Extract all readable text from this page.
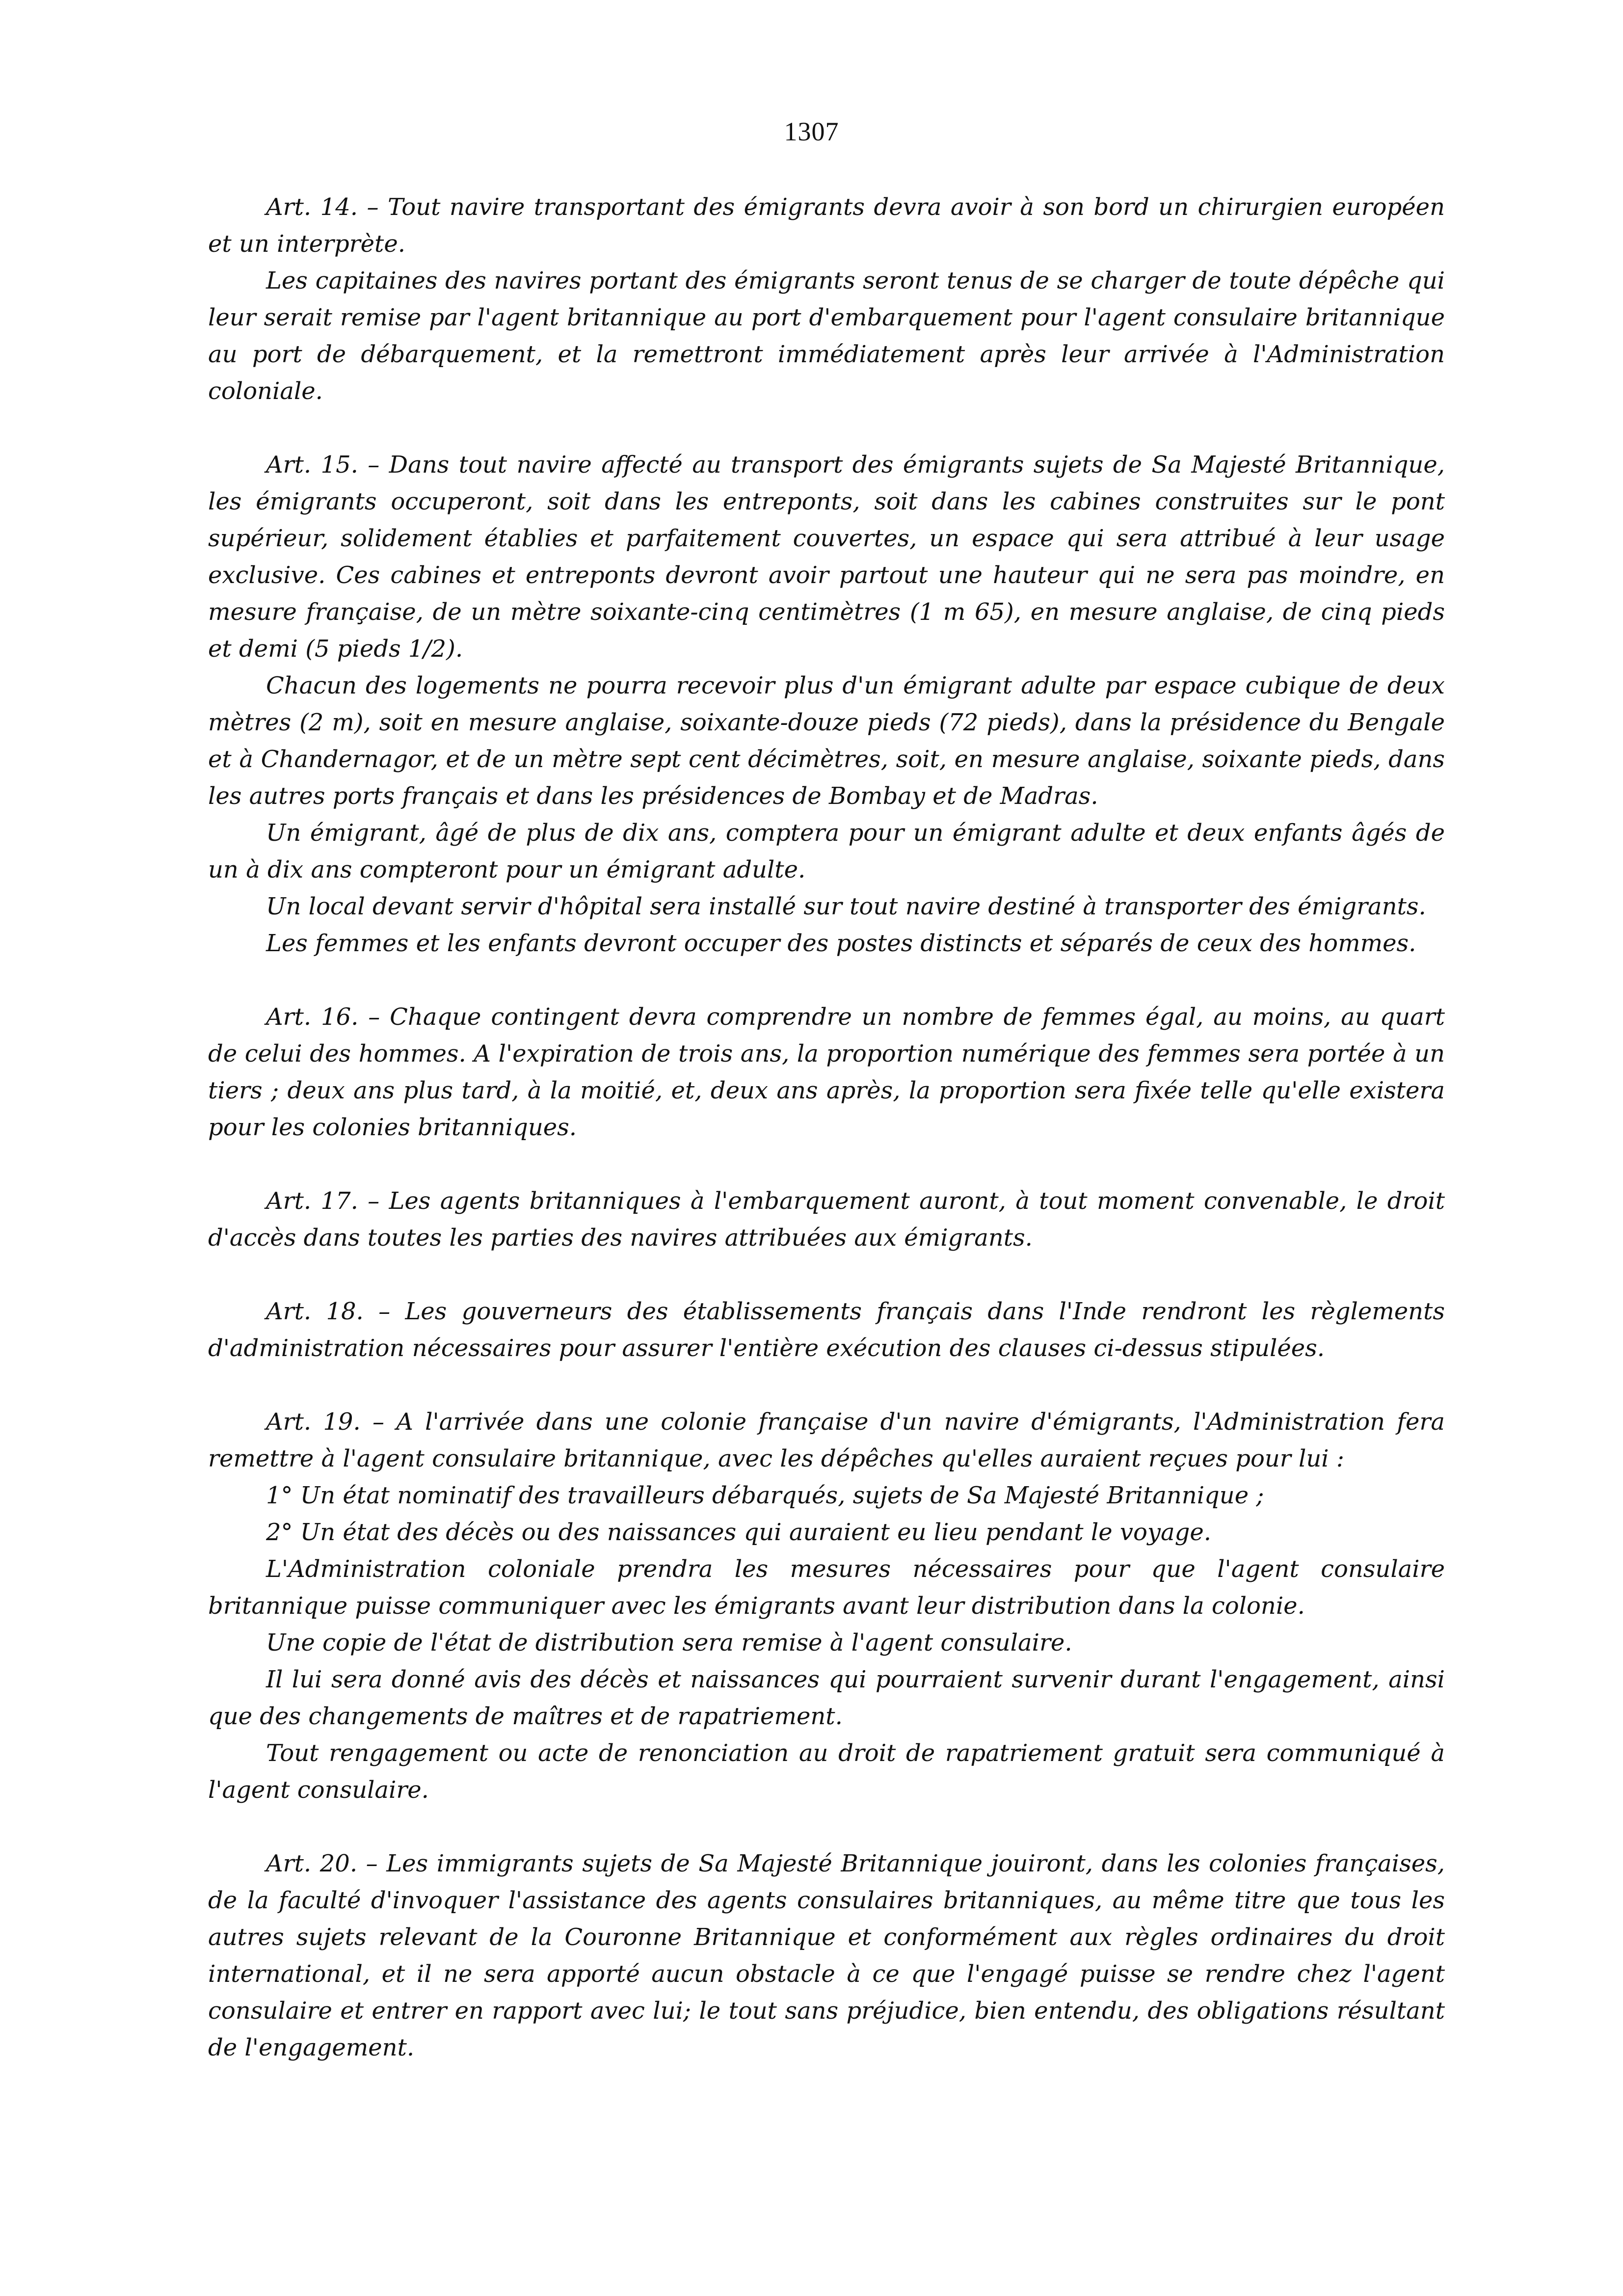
1307

Art. 14. – Tout navire transportant des émigrants devra avoir à son bord un chirurgien européen et un interprète.

Les capitaines des navires portant des émigrants seront tenus de se charger de toute dépêche qui leur serait remise par l'agent britannique au port d'embarquement pour l'agent consulaire britannique au port de débarquement, et la remettront immédiatement après leur arrivée à l'Administration coloniale.

Art. 15. – Dans tout navire affecté au transport des émigrants sujets de Sa Majesté Britannique, les émigrants occuperont, soit dans les entreponts, soit dans les cabines construites sur le pont supérieur, solidement établies et parfaitement couvertes, un espace qui sera attribué à leur usage exclusive. Ces cabines et entreponts devront avoir partout une hauteur qui ne sera pas moindre, en mesure française, de un mètre soixante-cinq centimètres (1 m 65), en mesure anglaise, de cinq pieds et demi (5 pieds 1/2).

Chacun des logements ne pourra recevoir plus d'un émigrant adulte par espace cubique de deux mètres (2 m), soit en mesure anglaise, soixante-douze pieds (72 pieds), dans la présidence du Bengale et à Chandernagor, et de un mètre sept cent décimètres, soit, en mesure anglaise, soixante pieds, dans les autres ports français et dans les présidences de Bombay et de Madras.

Un émigrant, âgé de plus de dix ans, comptera pour un émigrant adulte et deux enfants âgés de un à dix ans compteront pour un émigrant adulte.

Un local devant servir d'hôpital sera installé sur tout navire destiné à transporter des émigrants.

Les femmes et les enfants devront occuper des postes distincts et séparés de ceux des hommes.

Art. 16. – Chaque contingent devra comprendre un nombre de femmes égal, au moins, au quart de celui des hommes. A l'expiration de trois ans, la proportion numérique des femmes sera portée à un tiers ; deux ans plus tard, à la moitié, et, deux ans après, la proportion sera fixée telle qu'elle existera pour les colonies britanniques.

Art. 17. – Les agents britanniques à l'embarquement auront, à tout moment convenable, le droit d'accès dans toutes les parties des navires attribuées aux émigrants.

Art. 18. – Les gouverneurs des établissements français dans l'Inde rendront les règlements d'administration nécessaires pour assurer l'entière exécution des clauses ci-dessus stipulées.

Art. 19. – A l'arrivée dans une colonie française d'un navire d'émigrants, l'Administration fera remettre à l'agent consulaire britannique, avec les dépêches qu'elles auraient reçues pour lui :

1° Un état nominatif des travailleurs débarqués, sujets de Sa Majesté Britannique ;

2° Un état des décès ou des naissances qui auraient eu lieu pendant le voyage.

L'Administration coloniale prendra les mesures nécessaires pour que l'agent consulaire britannique puisse communiquer avec les émigrants avant leur distribution dans la colonie.

Une copie de l'état de distribution sera remise à l'agent consulaire.

Il lui sera donné avis des décès et naissances qui pourraient survenir durant l'engagement, ainsi que des changements de maîtres et de rapatriement.

Tout rengagement ou acte de renonciation au droit de rapatriement gratuit sera communiqué à l'agent consulaire.

Art. 20. – Les immigrants sujets de Sa Majesté Britannique jouiront, dans les colonies françaises, de la faculté d'invoquer l'assistance des agents consulaires britanniques, au même titre que tous les autres sujets relevant de la Couronne Britannique et conformément aux règles ordinaires du droit international, et il ne sera apporté aucun obstacle à ce que l'engagé puisse se rendre chez l'agent consulaire et entrer en rapport avec lui; le tout sans préjudice, bien entendu, des obligations résultant de l'engagement.
